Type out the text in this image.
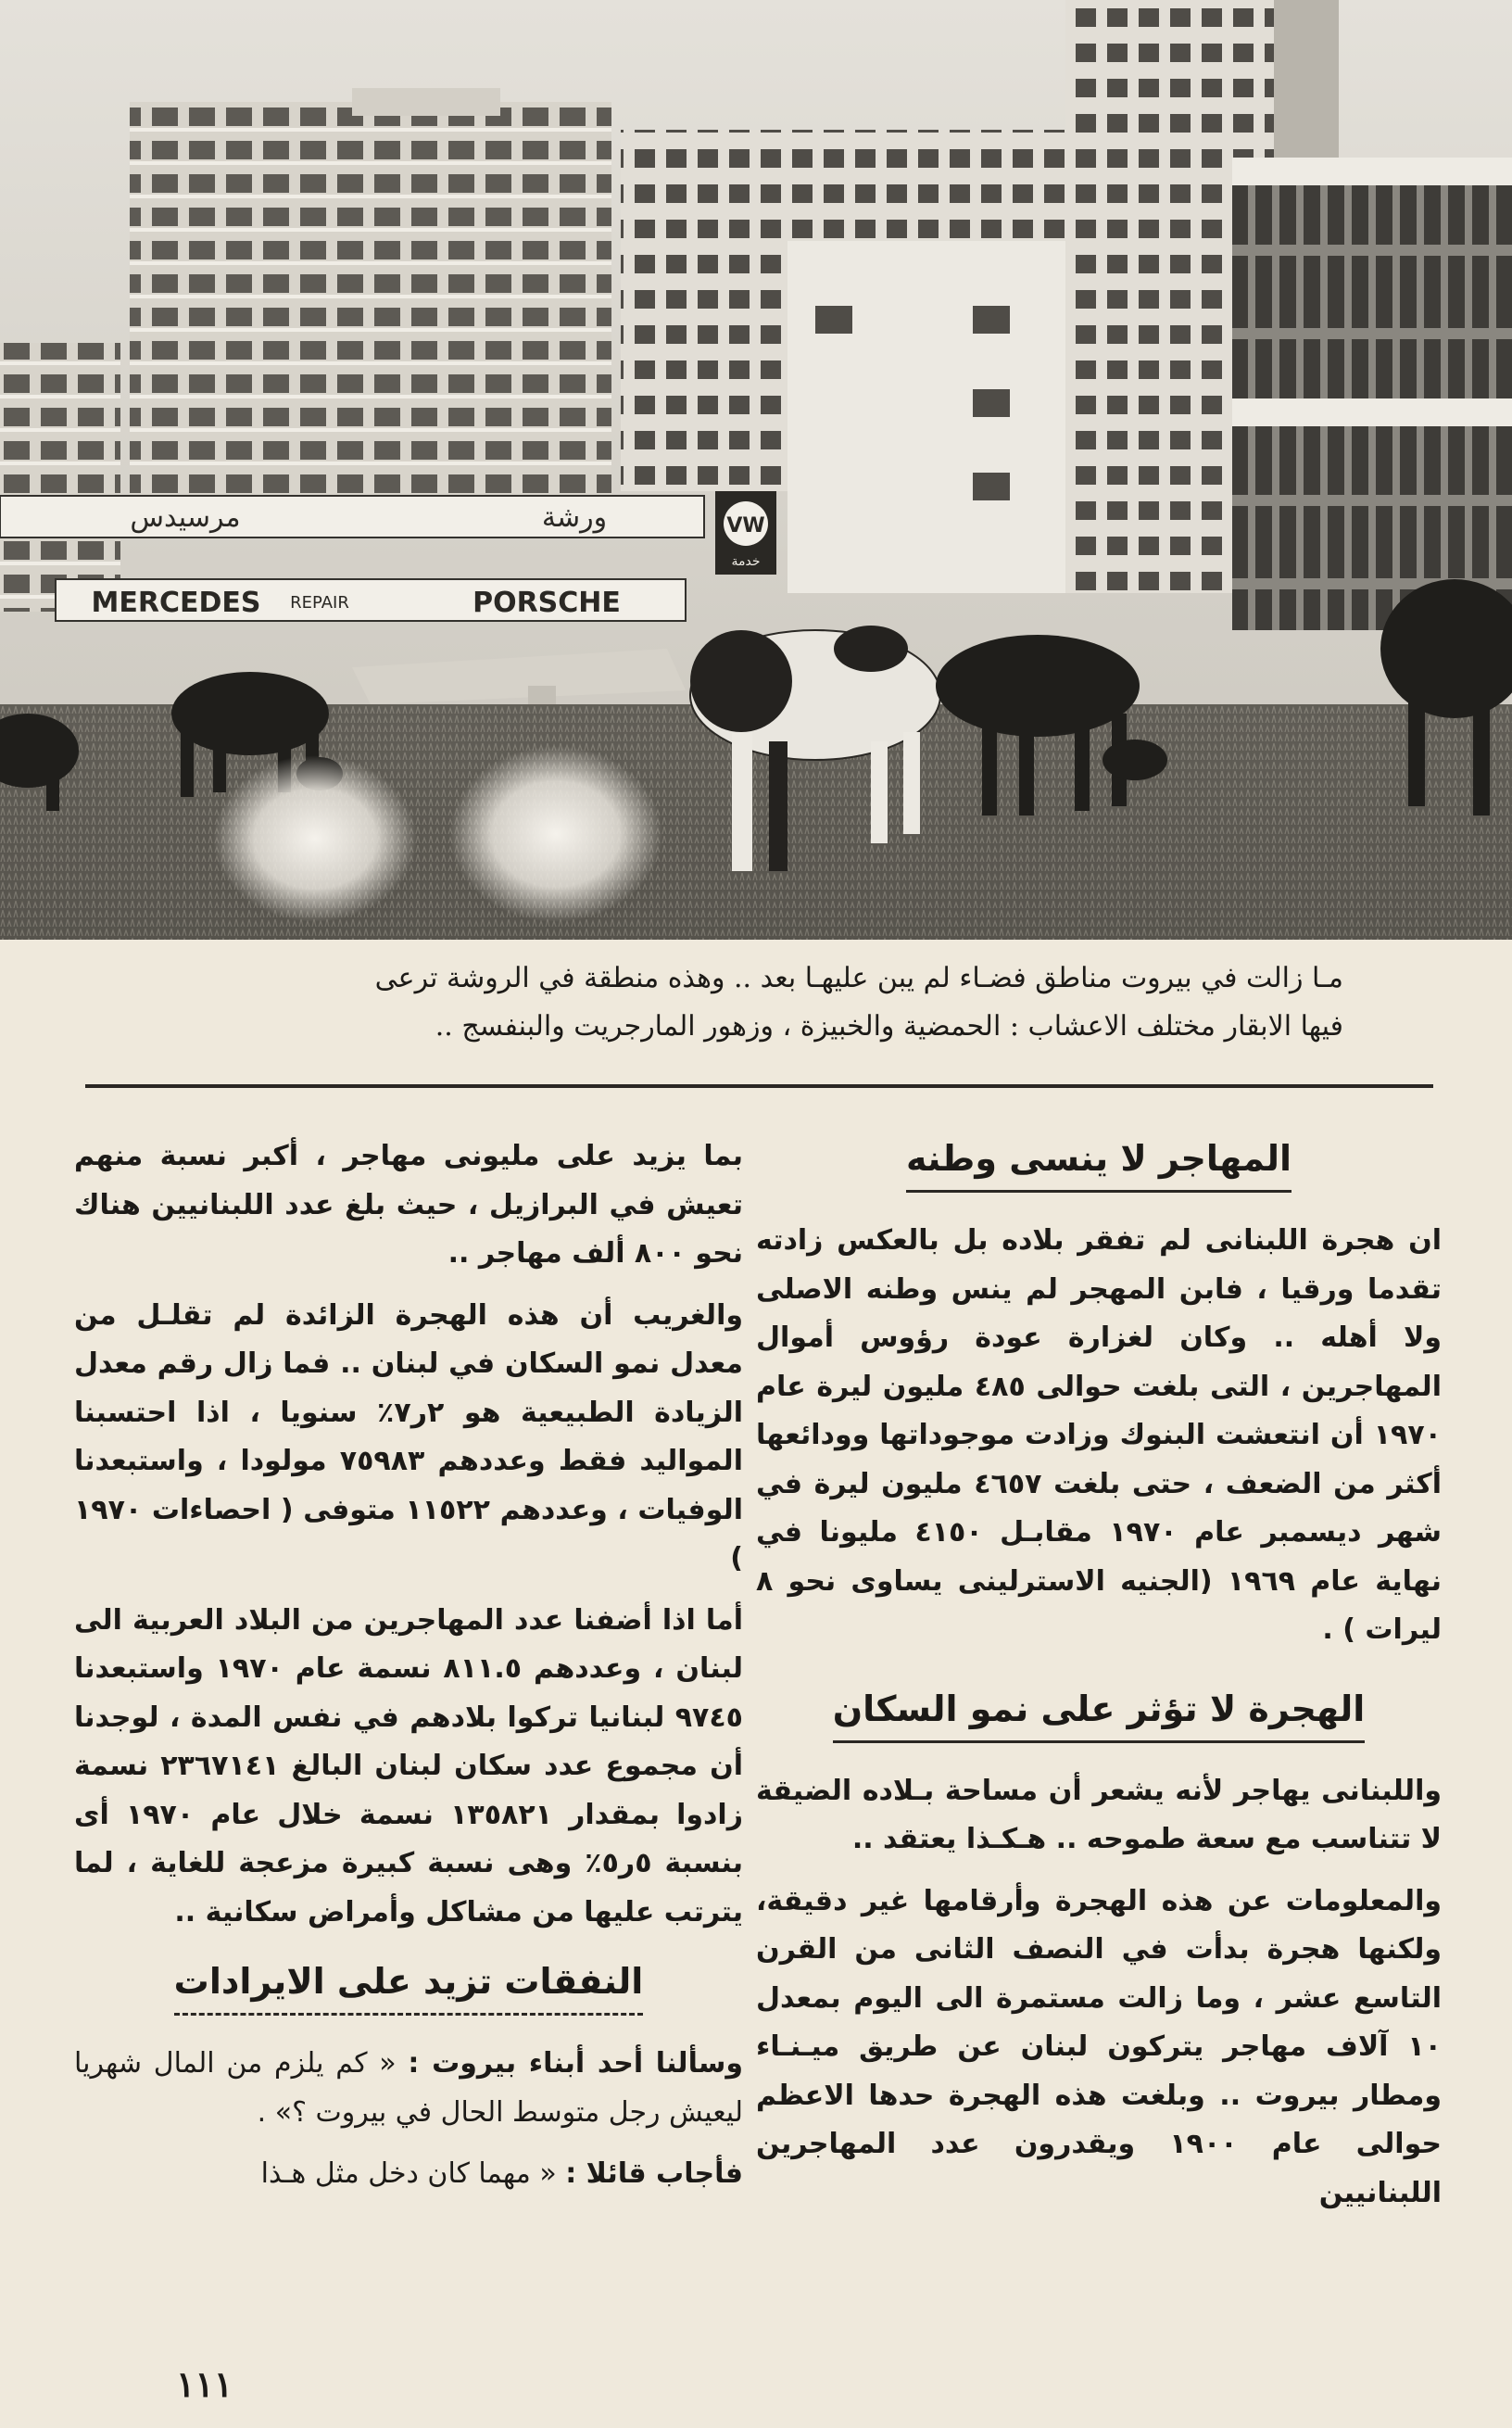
مرسيدس	ورشة
MERCEDES REPAIR	PORSCHE
VW
خدمة

مـا زالت في بيروت مناطق فضـاء لم يبن عليهـا بعد .. وهذه منطقة في الروشة ترعى

فيها الابقار مختلف الاعشاب : الحمضية والخبيزة ، وزهور المارجريت والبنفسج ..

المهاجر لا ينسى وطنه

ان هجرة اللبنانى لم تفقر بلاده بل بالعكس زادته تقدما ورقيا ، فابن المهجر لم ينس وطنه الاصلى ولا أهله .. وكان لغزارة عودة رؤوس أموال المهاجرين ، التى بلغت حوالى ٤٨٥ مليون ليرة عام ١٩٧٠ أن انتعشت البنوك وزادت موجوداتها وودائعها أكثر من الضعف ، حتى بلغت ٤٦٥٧ مليون ليرة في شهر ديسمبر عام ١٩٧٠ مقابـل ٤١٥٠ مليونا في نهاية عام ١٩٦٩ (الجنيه الاسترلينى يساوى نحو ٨ ليرات ) .

الهجرة لا تؤثر على نمو السكان

واللبنانى يهاجر لأنه يشعر أن مساحة بـلاده الضيقة لا تتناسب مع سعة طموحه .. هـكـذا يعتقد ..

والمعلومات عن هذه الهجرة وأرقامها غير دقيقة، ولكنها هجرة بدأت في النصف الثانى من القرن التاسع عشر ، وما زالت مستمرة الى اليوم بمعدل ١٠ آلاف مهاجر يتركون لبنان عن طريق ميـنـاء ومطار بيروت .. وبلغت هذه الهجرة حدها الاعظم حوالى عام ١٩٠٠ ويقدرون عدد المهاجرين اللبنانيين

بما يزيد على مليونى مهاجر ، أكبر نسبة منهم تعيش في البرازيل ، حيث بلغ عدد اللبنانيين هناك نحو ٨٠٠ ألف مهاجر ..

والغريب أن هذه الهجرة الزائدة لم تقلـل من معدل نمو السكان في لبنان .. فما زال رقم معدل الزيادة الطبيعية هو ٢ر٧٪ سنويا ، اذا احتسبنا المواليد فقط وعددهم ٧٥٩٨٣ مولودا ، واستبعدنا الوفيات ، وعددهم ١١٥٢٢ متوفى ( احصاءات ١٩٧٠ )

أما اذا أضفنا عدد المهاجرين من البلاد العربية الى لبنان ، وعددهم ٨١١.٥ نسمة عام ١٩٧٠ واستبعدنا ٩٧٤٥ لبنانيا تركوا بلادهم في نفس المدة ، لوجدنا أن مجموع عدد سكان لبنان البالغ ٢٣٦٧١٤١ نسمة زادوا بمقدار ١٣٥٨٢١ نسمة خلال عام ١٩٧٠ أى بنسبة ٥ر٥٪ وهى نسبة كبيرة مزعجة للغاية ، لما يترتب عليها من مشاكل وأمراض سكانية ..

النفقات تزيد على الايرادات

وسألنا أحد أبناء بيروت : « كم يلزم من المال شهريا ليعيش رجل متوسط الحال في بيروت ؟» .

فأجاب قائلا : « مهما كان دخل مثل هـذا

١١١
